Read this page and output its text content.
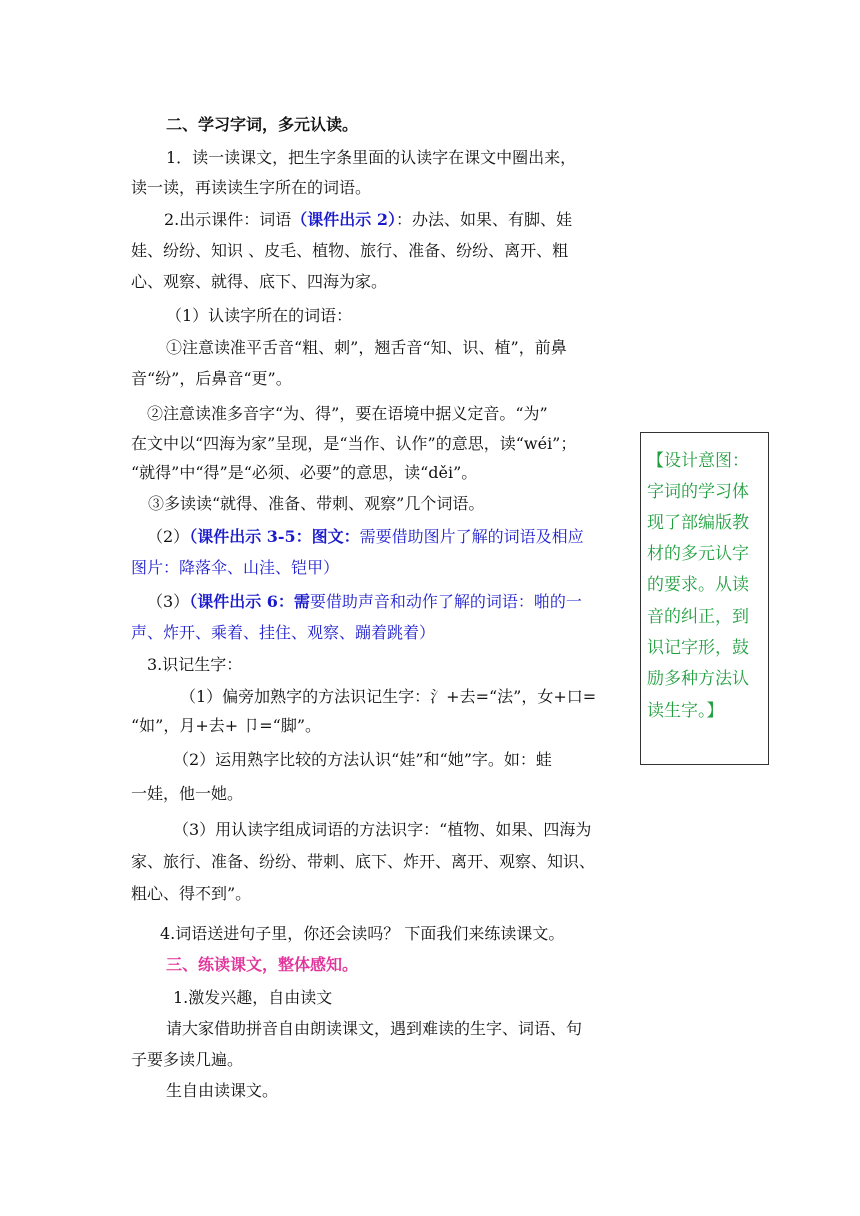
二、学习字词，多元认读。
1．读一读课文，把生字条里面的认读字在课文中圈出来，
读一读，再读读生字所在的词语。
2.出示课件：词语（课件出示 2）：办法、如果、有脚、娃
娃、纷纷、知识 、皮毛、植物、旅行、准备、纷纷、离开、粗
心、观察、就得、底下、四海为家。
（1）认读字所在的词语：
①注意读准平舌音“粗、刺”，翘舌音“知、识、植”，前鼻
音“纷”，后鼻音“更”。
②注意读准多音字“为、得”，要在语境中据义定音。“为”
在文中以“四海为家”呈现，是“当作、认作”的意思，读“wéi”；
“就得”中“得”是“必须、必要”的意思，读“děi”。
③多读读“就得、准备、带刺、观察”几个词语。
（2）（课件出示 3-5：图文：需要借助图片了解的词语及相应
图片：降落伞、山洼、铠甲）
（3）（课件出示 6：需要借助声音和动作了解的词语：啪的一
声、炸开、乘着、挂住、观察、蹦着跳着）
3.识记生字：
（1）偏旁加熟字的方法识记生字：氵+去=“法”，女+口=
“如”，月+去+ 卩=“脚”。
（2）运用熟字比较的方法认识“娃”和“她”字。如：蛙
一娃，他一她。
（3）用认读字组成词语的方法识字：“植物、如果、四海为
家、旅行、准备、纷纷、带刺、底下、炸开、离开、观察、知识、
粗心、得不到”。
4.词语送进句子里，你还会读吗？ 下面我们来练读课文。
三、练读课文，整体感知。
1.激发兴趣，自由读文
请大家借助拼音自由朗读课文，遇到难读的生字、词语、句
子要多读几遍。
生自由读课文。
【设计意图：
字词的学习体
现了部编版教
材的多元认字
的要求。从读
音的纠正，到
识记字形，鼓
励多种方法认
读生字。】
